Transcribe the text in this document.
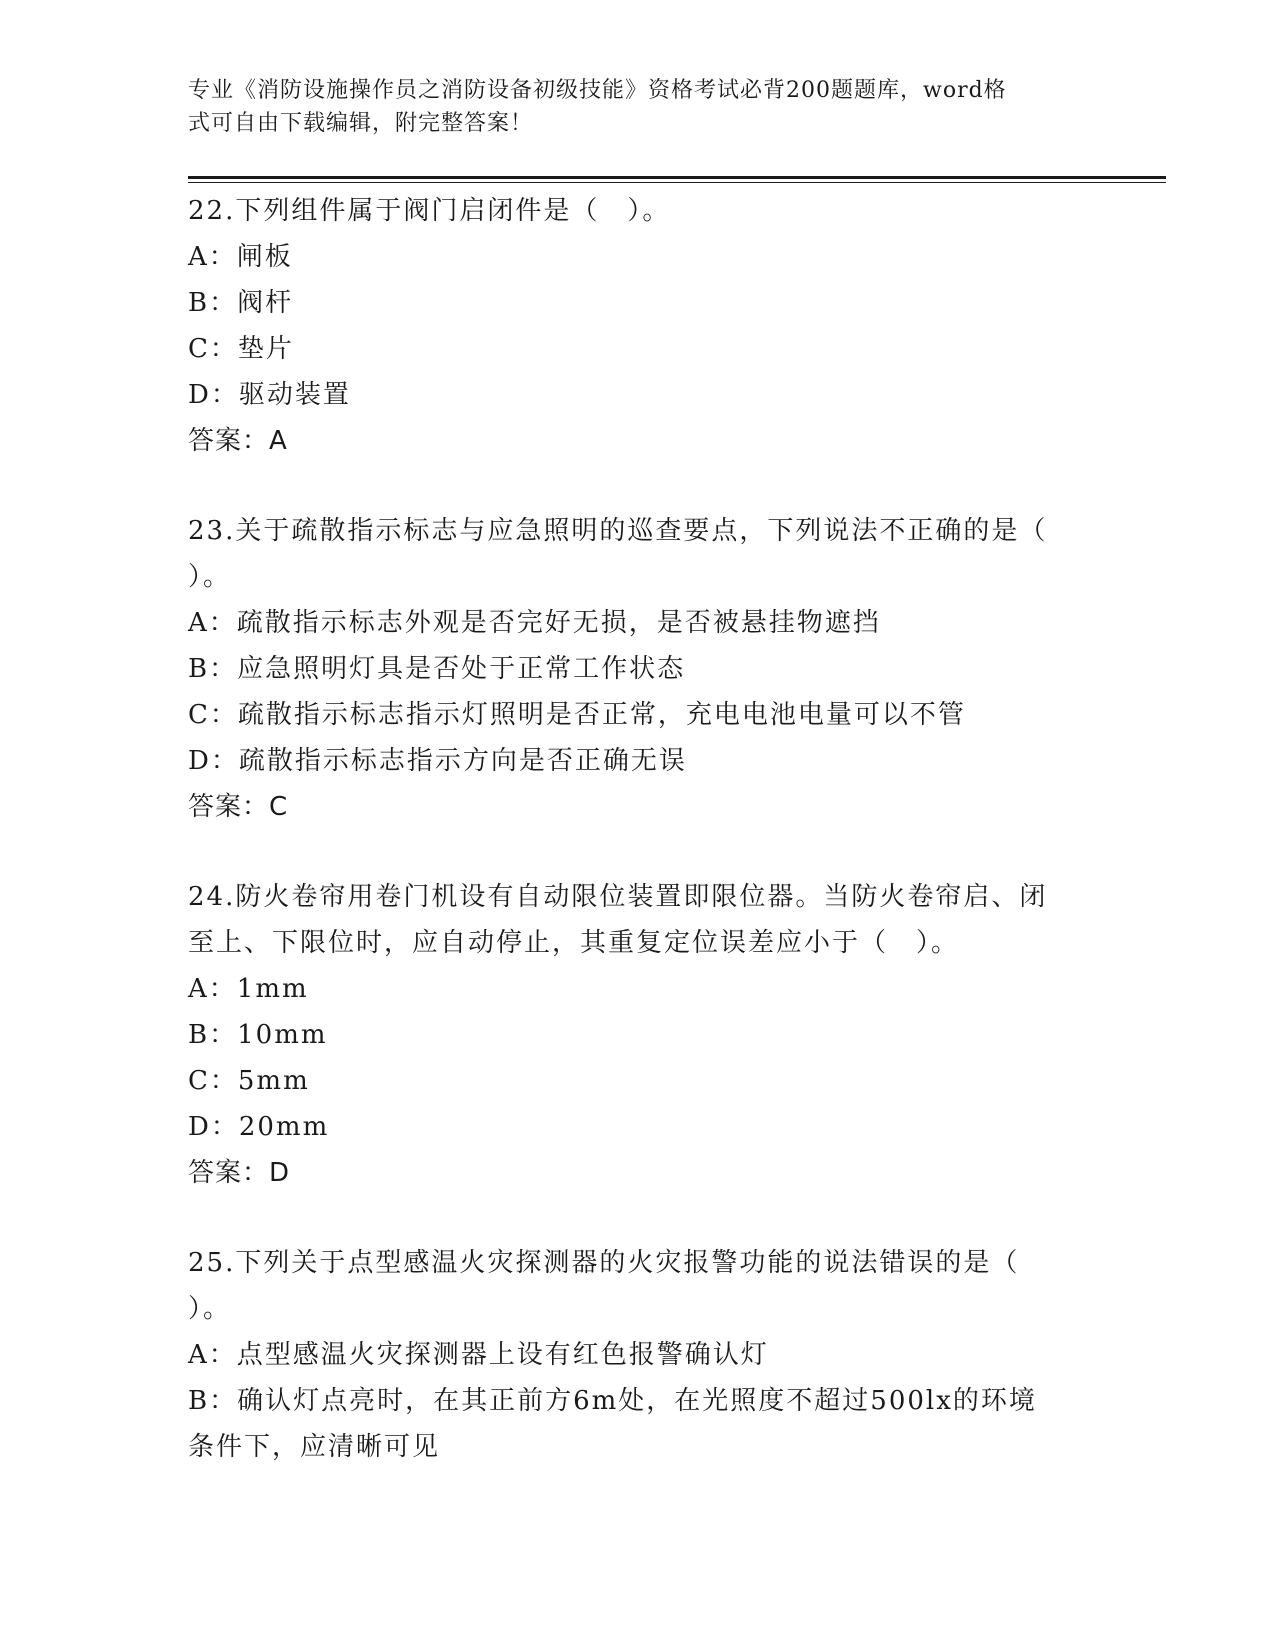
专业《消防设施操作员之消防设备初级技能》资格考试必背200题题库，word格
式可自由下载编辑，附完整答案！
22.下列组件属于阀门启闭件是（　）。
A：闸板
B：阀杆
C：垫片
D：驱动装置
答案：A
23.关于疏散指示标志与应急照明的巡查要点，下列说法不正确的是（
）。
A：疏散指示标志外观是否完好无损，是否被悬挂物遮挡
B：应急照明灯具是否处于正常工作状态
C：疏散指示标志指示灯照明是否正常，充电电池电量可以不管
D：疏散指示标志指示方向是否正确无误
答案：C
24.防火卷帘用卷门机设有自动限位装置即限位器。当防火卷帘启、闭
至上、下限位时，应自动停止，其重复定位误差应小于（　）。
A：1mm
B：10mm
C：5mm
D：20mm
答案：D
25.下列关于点型感温火灾探测器的火灾报警功能的说法错误的是（
）。
A：点型感温火灾探测器上设有红色报警确认灯
B：确认灯点亮时，在其正前方6m处，在光照度不超过500lx的环境
条件下，应清晰可见
